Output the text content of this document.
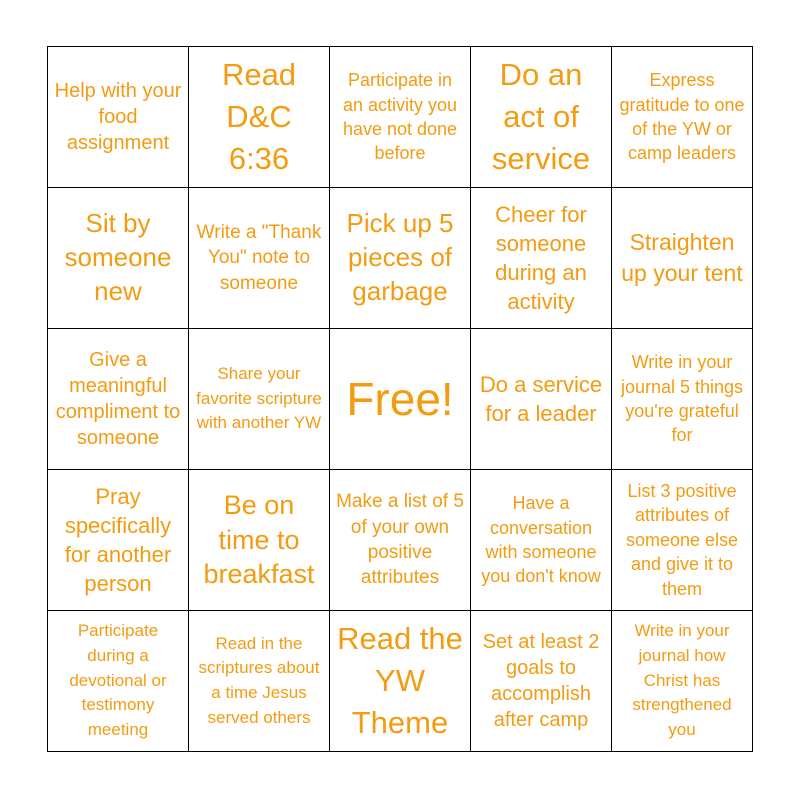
Help with your food assignment
Read D&C 6:36
Participate in an activity you have not done before
Do an act of service
Express gratitude to one of the YW or camp leaders
Sit by someone new
Write a "Thank You" note to someone
Pick up 5 pieces of garbage
Cheer for someone during an activity
Straighten up your tent
Give a meaningful compliment to someone
Share your favorite scripture with another YW Free! Do a service for a leader
Write in your journal 5 things you're grateful for
Pray specifically for another person
Be on time to breakfast
Make a list of 5 of your own positive attributes
Have a conversation with someone you don't know
List 3 positive attributes of someone else and give it to them
Participate during a devotional or testimony meeting
Read in the scriptures about a time Jesus served others
Read the YW Theme
Set at least 2 goals to accomplish after camp
Write in your journal how Christ has strengthened you
